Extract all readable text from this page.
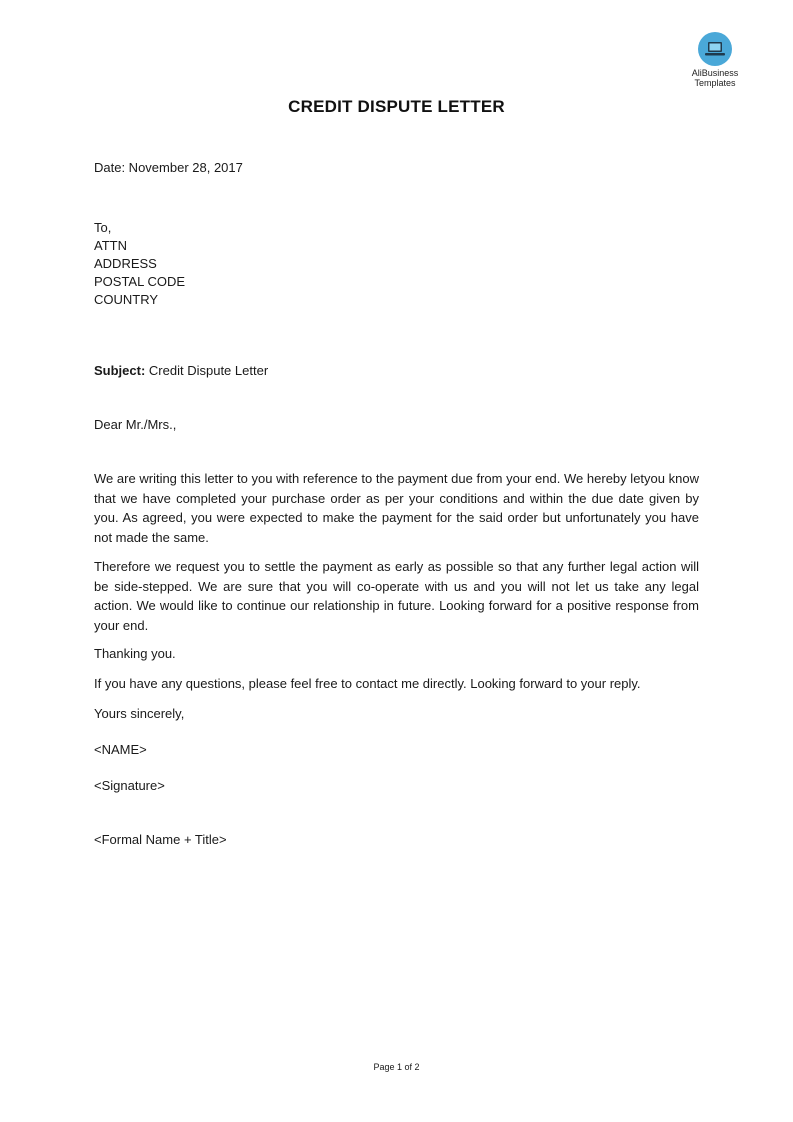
AliBusiness
Templates
CREDIT DISPUTE LETTER
Date: November 28, 2017
To,
ATTN
ADDRESS
POSTAL CODE
COUNTRY
Subject: Credit Dispute Letter
Dear Mr./Mrs.,

We are writing this letter to you with reference to the payment due from your end. We hereby letyou know that we have completed your purchase order as per your conditions and within the due date given by you. As agreed, you were expected to make the payment for the said order but unfortunately you have not made the same.

Therefore we request you to settle the payment as early as possible so that any further legal action will be side-stepped. We are sure that you will co-operate with us and you will not let us take any legal action. We would like to continue our relationship in future. Looking forward for a positive response from your end.

Thanking you.
If you have any questions, please feel free to contact me directly. Looking forward to your reply.
Yours sincerely,
<NAME>
<Signature>
<Formal Name + Title>
Page 1 of 2
